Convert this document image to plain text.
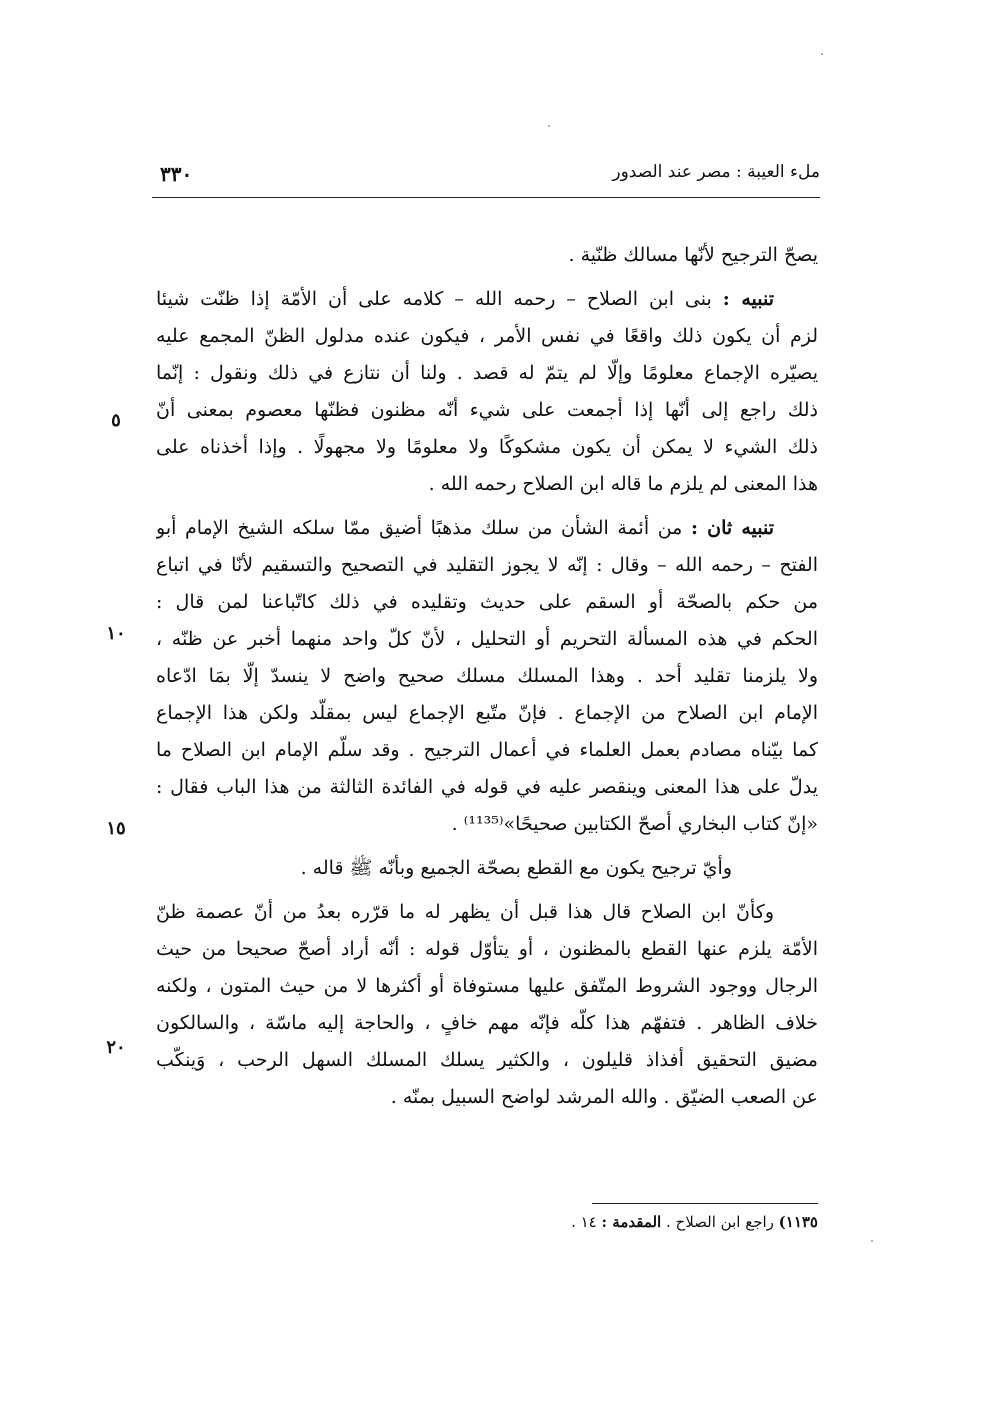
ملء العيبة : مصر عند الصدور
٣٣٠
٥
١٠
١٥
٢٠
يصحّ الترجيح لأنّها مسالك ظنّية .
تنبيه : بنى ابن الصلاح – رحمه الله – كلامه على أن الأمّة إذا ظنّت شيئا
لزم أن يكون ذلك واقعًا في نفس الأمر ، فيكون عنده مدلول الظنّ المجمع عليه
يصيّره الإجماع معلومًا وإلّا لم يتمّ له قصد . ولنا أن نتازع في ذلك ونقول : إنّما
ذلك راجع إلى أنّها إذا أجمعت على شيء أنّه مظنون فظنّها معصوم بمعنى أنّ
ذلك الشيء لا يمكن أن يكون مشكوكًا ولا معلومًا ولا مجهولًا . وإذا أخذناه على
هذا المعنى لم يلزم ما قاله ابن الصلاح رحمه الله .
تنبيه ثان : من أئمة الشأن من سلك مذهبًا أضيق ممّا سلكه الشيخ الإمام أبو
الفتح – رحمه الله – وقال : إنّه لا يجوز التقليد في التصحيح والتسقيم لأنّا في اتباع
من حكم بالصحّة أو السقم على حديث وتقليده في ذلك كاتّباعنا لمن قال :
الحكم في هذه المسألة التحريم أو التحليل ، لأنّ كلّ واحد منهما أخبر عن ظنّه ،
ولا يلزمنا تقليد أحد . وهذا المسلك مسلك صحيح واضح لا ينسدّ إلّا بمَا ادّعاه
الإمام ابن الصلاح من الإجماع . فإنّ متّبع الإجماع ليس بمقلّد ولكن هذا الإجماع
كما بيّناه مصادم بعمل العلماء في أعمال الترجيح . وقد سلّم الإمام ابن الصلاح ما
يدلّ على هذا المعنى وينقصر عليه في قوله في الفائدة الثالثة من هذا الباب فقال :
«إنّ كتاب البخاري أصحّ الكتابين صحيحًا»⁽¹¹³⁵⁾ .
وأيّ ترجيح يكون مع القطع بصحّة الجميع وبأنّه ﷺ قاله .
وكأنّ ابن الصلاح قال هذا قبل أن يظهر له ما قرّره بعدُ من أنّ عصمة ظنّ
الأمّة يلزم عنها القطع بالمظنون ، أو يتأوّل قوله : أنّه أراد أصحّ صحيحا من حيث
الرجال ووجود الشروط المتّفق عليها مستوفاة أو أكثرها لا من حيث المتون ، ولكنه
خلاف الظاهر . فتفهّم هذا كلّه فإنّه مهم خافٍ ، والحاجة إليه ماسّة ، والسالكون
مضيق التحقيق أفذاذ قليلون ، والكثير يسلك المسلك السهل الرحب ، وَينكّب
عن الصعب الضيّق . والله المرشد لواضح السبيل بمنّه .
١١٣٥) راجع ابن الصلاح . المقدمة : ١٤ .
